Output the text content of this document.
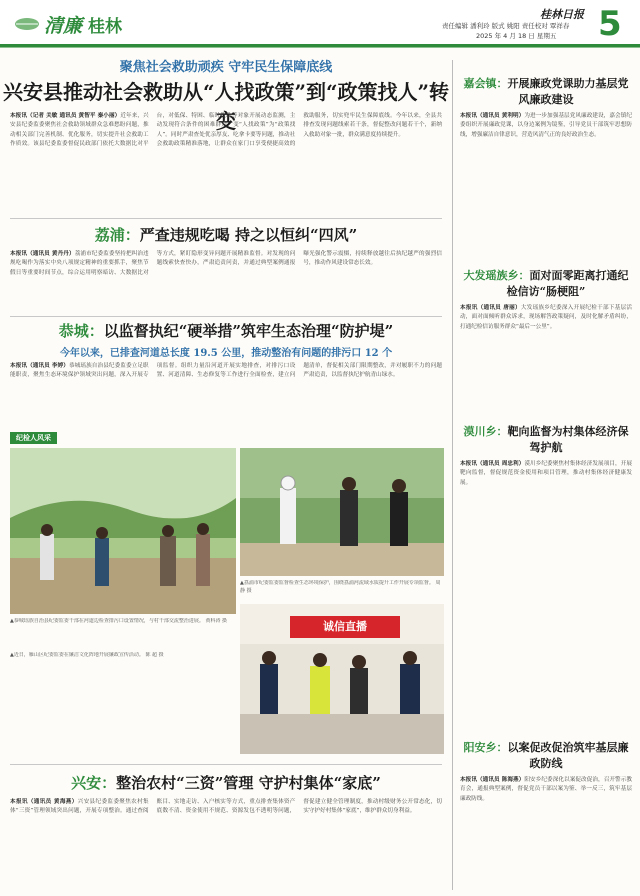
清廉 桂林
桂林日报
责任编辑 潘利玲 版式 姚阳 责任校对 覃祥春
2025 年 4 月 18 日 星期五 5
聚焦社会救助顽疾 守牢民生保障底线
兴安县推动社会救助从“人找政策”到“政策找人”转变
本报讯（记者 关敏 通讯员 黄智平 秦小丽）近年来，兴安县纪委监委聚焦社会救助领域群众急难愁盼问题，推动相关部门完善机制、优化服务，切实提升社会救助工作质效。该县纪委监委督促民政部门依托大数据比对平台，对低保、特困、临时救助等对象开展动态监测，主动发现符合条件的困难群众，变“人找政策”为“政策找人”。同时严肃查处优亲厚友、吃拿卡要等问题，推动社会救助政策精准落地，让群众在家门口享受便捷高效的救助服务，切实兜牢民生保障底线。今年以来，全县共排查发现问题线索若干条，督促整改问题若干个，新纳入救助对象一批，群众满意度持续提升。
荔浦：严查违规吃喝 持之以恒纠“四风”
本报讯（通讯员 黄丹丹）荔浦市纪委监委坚持把纠治违规吃喝作为落实中央八项规定精神的重要抓手，聚焦节假日等重要时间节点，综合运用明察暗访、大数据比对等方式，紧盯隐形变异问题开展精准监督。对发现的问题线索快查快办，严肃追责问责，并通过典型案例通报曝光强化警示震慑，持续释放越往后执纪越严的强烈信号，推动作风建设常态长效。
恭城：以监督执纪“硬举措”筑牢生态治理“防护堤”
今年以来，已排查河道总长度 19.5 公里，推动整治有问题的排污口 12 个
本报讯（通讯员 李婷）恭城瑶族自治县纪委监委立足职能职责，聚焦生态环境保护领域突出问题，深入开展专项监督。组织力量沿河道开展实地排查，对排污口设置、河道清障、生态修复等工作进行全面检查，建立问题清单，督促相关部门限期整改，并对履职不力的问题严肃追责，以监督执纪护航青山绿水。
纪检人风采
▲恭城瑶族自治县纪委监委干部在河道边检查排污口设置情况，与村干部交流整治进展。 黄科涛 摄
▲荔浦市纪委监委监督检查生态环境保护，围绕荔浦河流域水质提升工作开展专项监督。 周 静 摄
诚信直播
▲近日，雁山区纪委监委在廉洁文化阵地开展廉政宣传活动。 陈 超 摄
兴安：整治农村“三资”管理 守护村集体“家底”
本报讯（通讯员 黄海燕）兴安县纪委监委聚焦农村集体“三资”管理领域突出问题，开展专项整治。通过查阅账目、实地走访、入户核实等方式，重点排查集体资产底数不清、资金使用不规范、资源发包不透明等问题，督促建立健全管理制度，推动村级财务公开常态化，切实守护好村集体“家底”，维护群众切身利益。
嘉会镇：开展廉政党课助力基层党风廉政建设
本报讯（通讯员 黄利明）为进一步加强基层党风廉政建设，嘉会镇纪委组织开展廉政党课，以身边案例为镜鉴，引导党员干部筑牢思想防线，增强廉洁自律意识，营造风清气正的良好政治生态。
大发瑶族乡：面对面零距离打通纪检信访“肠梗阻”
本报讯（通讯员 唐丽）大发瑶族乡纪委深入开展纪检干部下基层活动，面对面倾听群众诉求，现场解答政策疑问，及时化解矛盾纠纷，打通纪检信访服务群众“最后一公里”。
漠川乡：靶向监督为村集体经济保驾护航
本报讯（通讯员 周忠利）漠川乡纪委聚焦村集体经济发展项目，开展靶向监督，督促规范资金使用和项目管理，推动村集体经济健康发展。
阳安乡：以案促改促治筑牢基层廉政防线
本报讯（通讯员 陈海燕）阳安乡纪委深化以案促改促治，召开警示教育会，通报典型案例，督促党员干部以案为鉴、举一反三，筑牢基层廉政防线。
